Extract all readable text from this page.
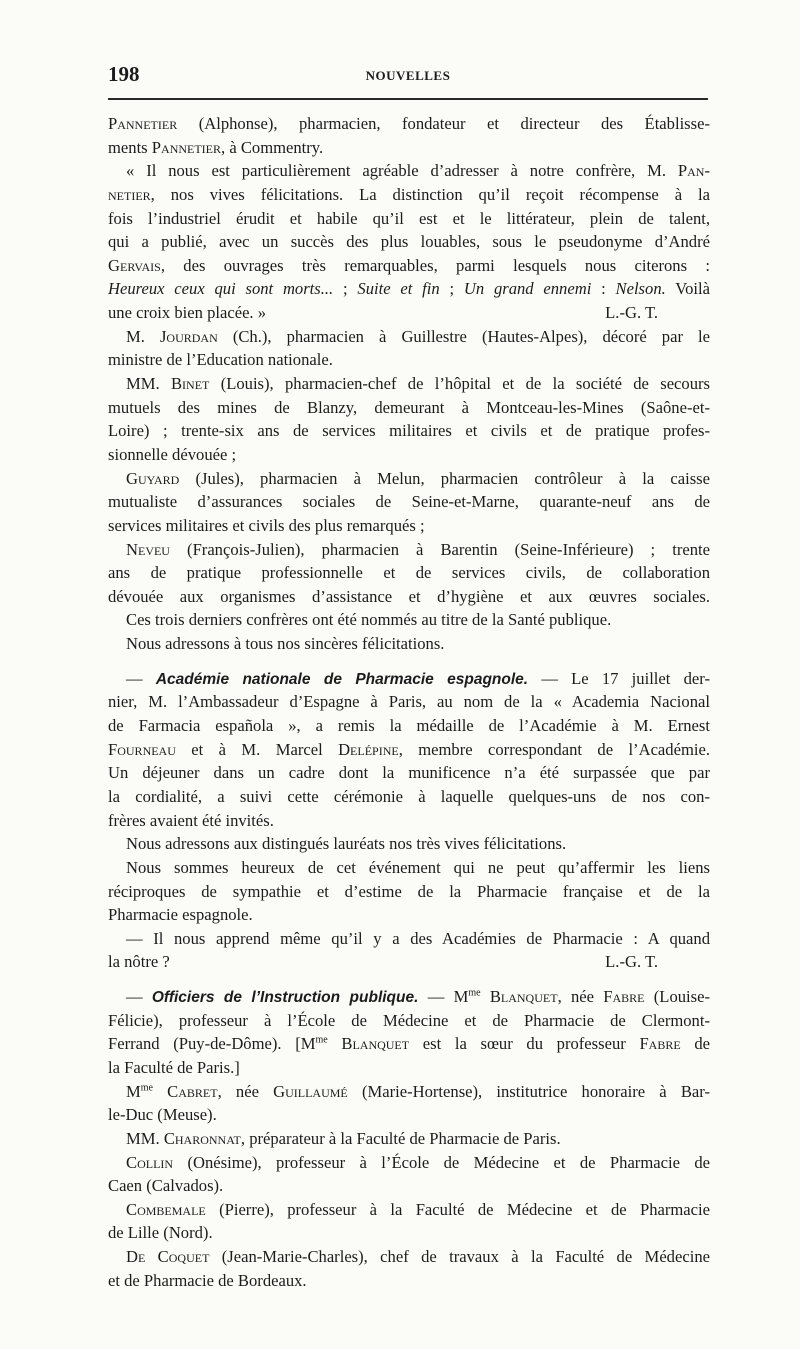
198	NOUVELLES
Pannetier (Alphonse), pharmacien, fondateur et directeur des Établisse-
ments Pannetier, à Commentry.
« Il nous est particulièrement agréable d’adresser à notre confrère, M. Pan-
netier, nos vives félicitations. La distinction qu’il reçoit récompense à la
fois l’industriel érudit et habile qu’il est et le littérateur, plein de talent,
qui a publié, avec un succès des plus louables, sous le pseudonyme d’André
Gervais, des ouvrages très remarquables, parmi lesquels nous citerons :
Heureux ceux qui sont morts... ; Suite et fin ; Un grand ennemi : Nelson. Voilà
une croix bien placée. »	L.-G. T.
M. Jourdan (Ch.), pharmacien à Guillestre (Hautes-Alpes), décoré par le
ministre de l’Education nationale.
MM. Binet (Louis), pharmacien-chef de l’hôpital et de la société de secours
mutuels des mines de Blanzy, demeurant à Montceau-les-Mines (Saône-et-
Loire) ; trente-six ans de services militaires et civils et de pratique profes-
sionnelle dévouée ;
Guyard (Jules), pharmacien à Melun, pharmacien contrôleur à la caisse
mutualiste d’assurances sociales de Seine-et-Marne, quarante-neuf ans de
services militaires et civils des plus remarqués ;
Neveu (François-Julien), pharmacien à Barentin (Seine-Inférieure) ; trente
ans de pratique professionnelle et de services civils, de collaboration
dévouée aux organismes d’assistance et d’hygiène et aux œuvres sociales.
Ces trois derniers confrères ont été nommés au titre de la Santé publique.
Nous adressons à tous nos sincères félicitations.
— Académie nationale de Pharmacie espagnole. — Le 17 juillet der-
nier, M. l’Ambassadeur d’Espagne à Paris, au nom de la « Academia Nacional
de Farmacia española », a remis la médaille de l’Académie à M. Ernest
Fourneau et à M. Marcel Delépine, membre correspondant de l’Académie.
Un déjeuner dans un cadre dont la munificence n’a été surpassée que par
la cordialité, a suivi cette cérémonie à laquelle quelques-uns de nos con-
frères avaient été invités.
Nous adressons aux distingués lauréats nos très vives félicitations.
Nous sommes heureux de cet événement qui ne peut qu’affermir les liens
réciproques de sympathie et d’estime de la Pharmacie française et de la
Pharmacie espagnole.
— Il nous apprend même qu’il y a des Académies de Pharmacie : A quand
la nôtre ?	L.-G. T.
— Officiers de l’Instruction publique. — $M^{me}$ Blanquet, née Fabre (Louise-
Félicie), professeur à l’École de Médecine et de Pharmacie de Clermont-
Ferrand (Puy-de-Dôme). [$M^{me}$ Blanquet est la sœur du professeur Fabre de
la Faculté de Paris.]
$M^{me}$ Cabret, née Guillaumé (Marie-Hortense), institutrice honoraire à Bar-
le-Duc (Meuse).
MM. Charonnat, préparateur à la Faculté de Pharmacie de Paris.
Collin (Onésime), professeur à l’École de Médecine et de Pharmacie de
Caen (Calvados).
Combemale (Pierre), professeur à la Faculté de Médecine et de Pharmacie
de Lille (Nord).
De Coquet (Jean-Marie-Charles), chef de travaux à la Faculté de Médecine
et de Pharmacie de Bordeaux.
